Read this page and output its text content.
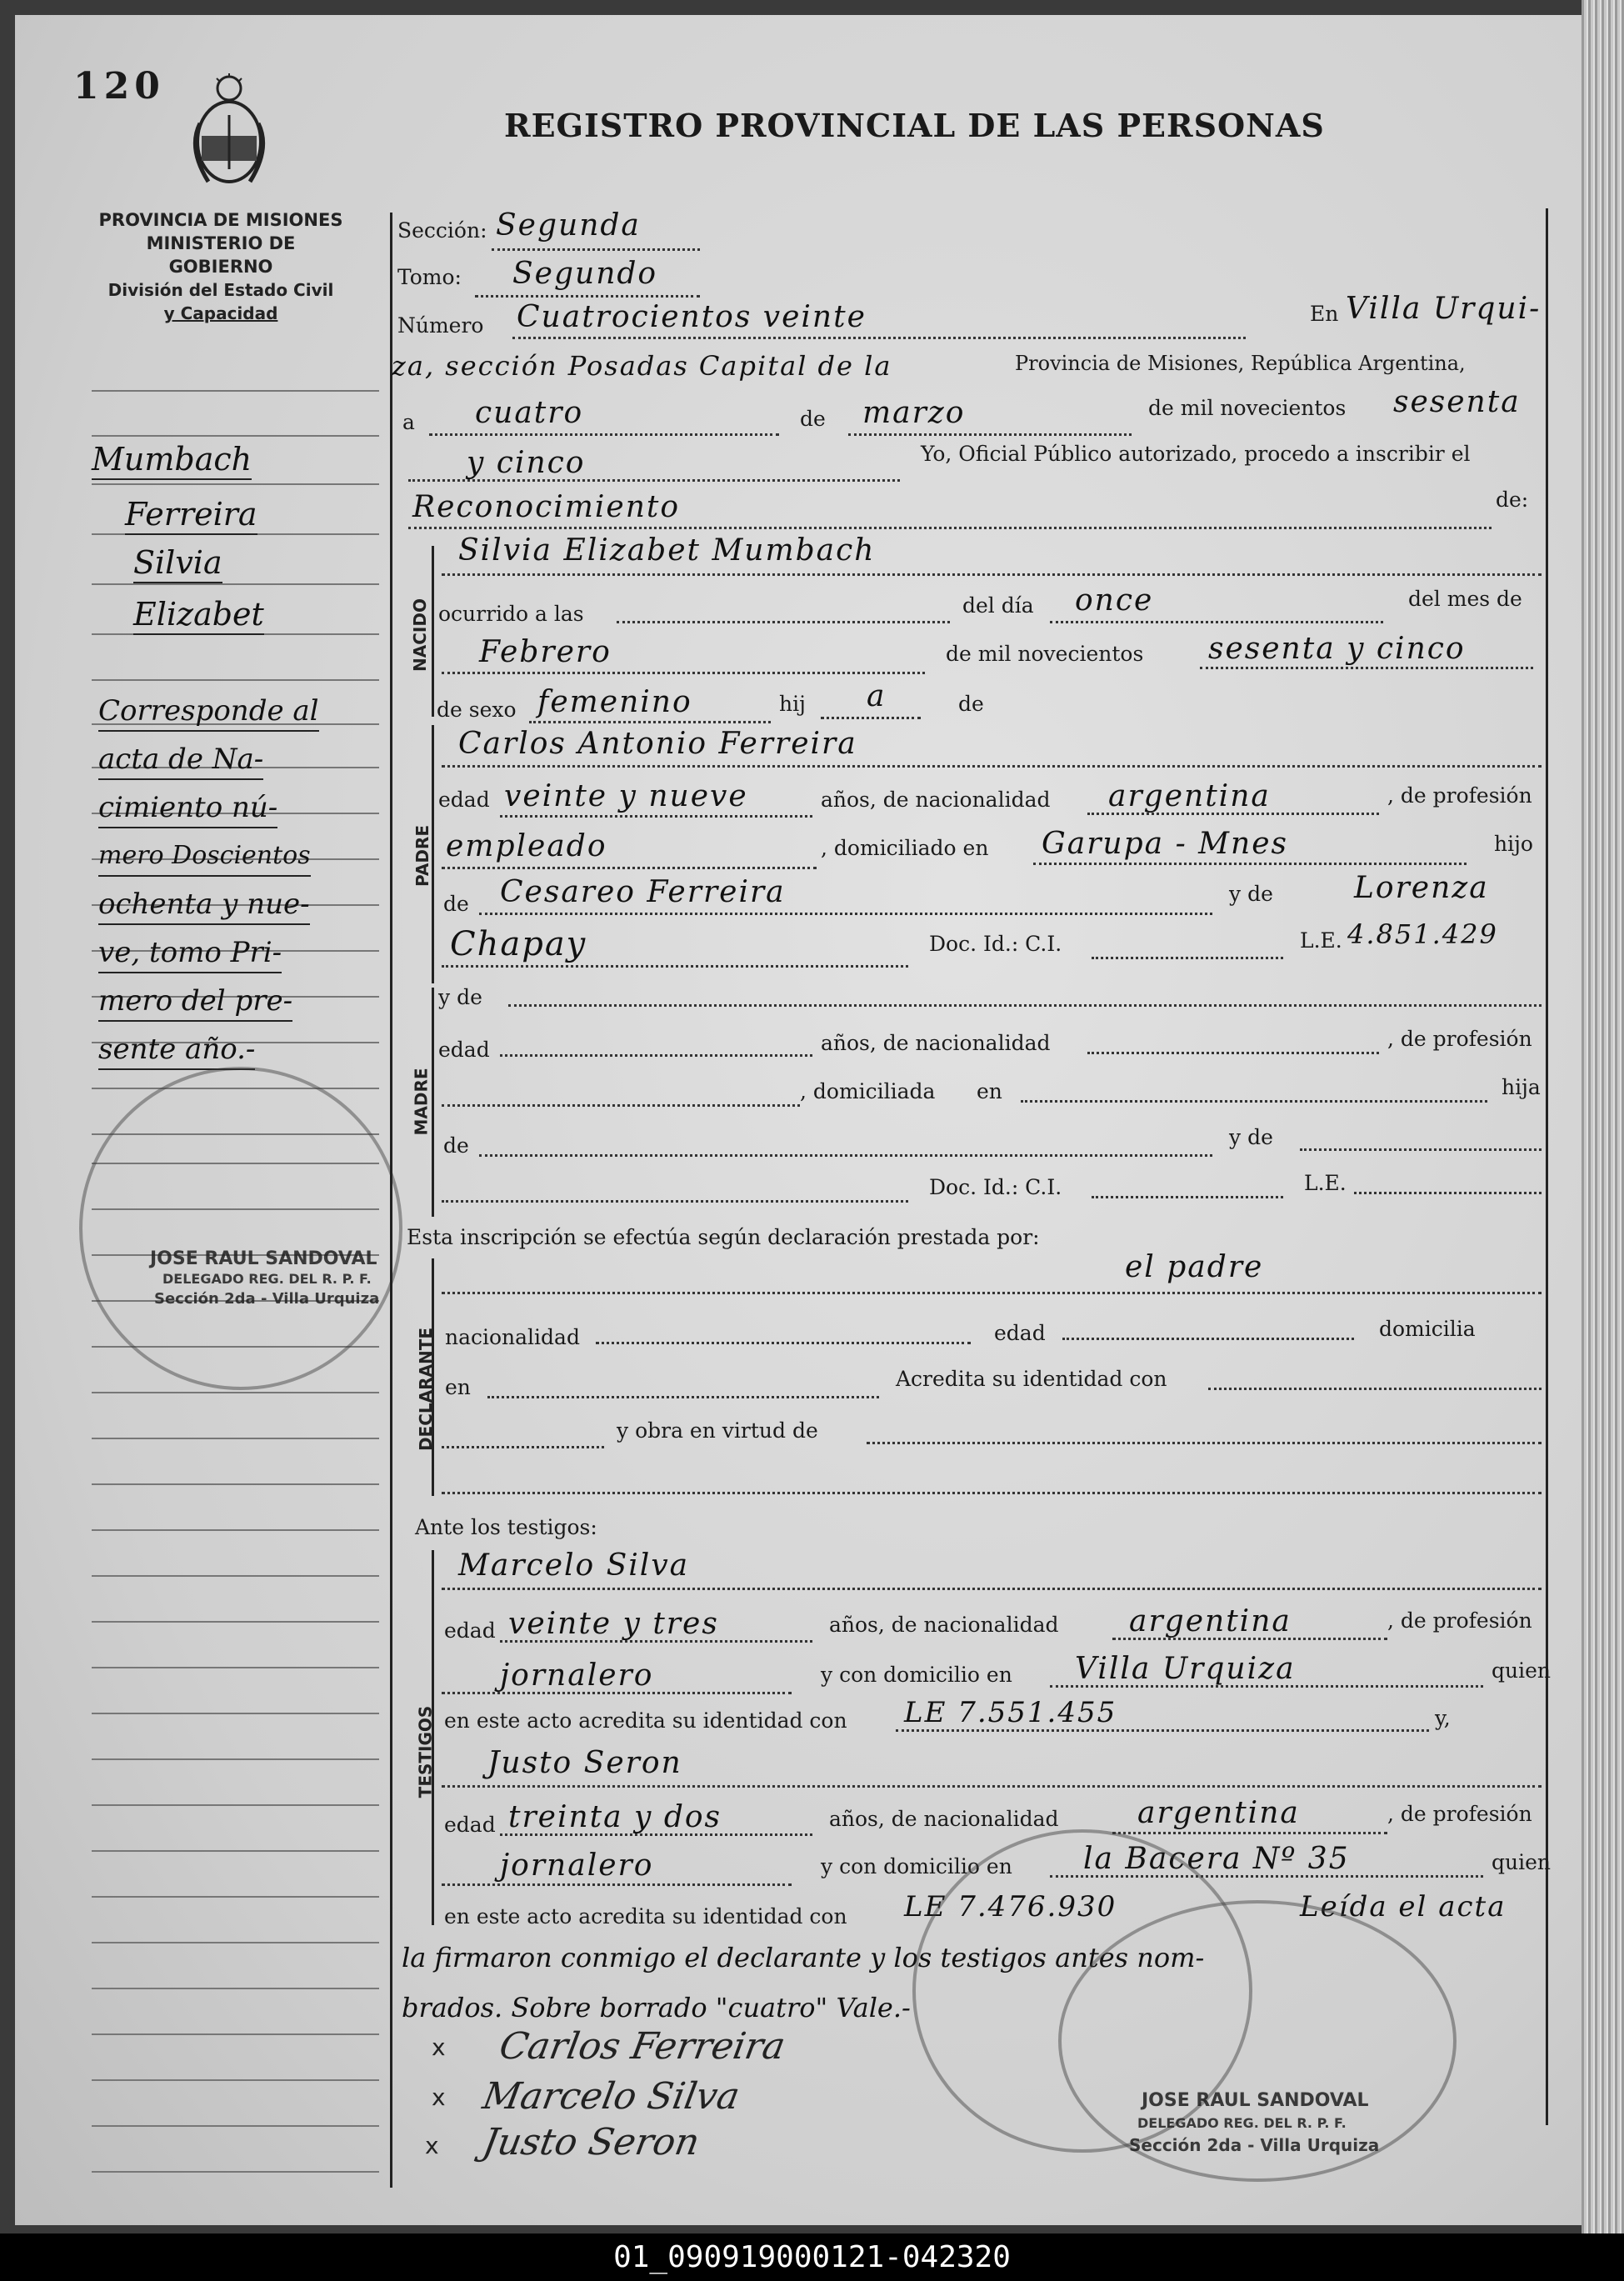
120
REGISTRO PROVINCIAL DE LAS PERSONAS
PROVINCIA DE MISIONES
MINISTERIO DE GOBIERNO
División del Estado Civil
y Capacidad
Mumbach
Ferreira
Silvia
Elizabet
Corresponde al
acta de Na-
cimiento nú-
mero Doscientos
ochenta y nue-
ve, tomo Pri-
mero del pre-
sente año.-
JOSE RAUL SANDOVAL
DELEGADO REG. DEL R. P. F.
Sección 2da - Villa Urquiza
NACIDO
PADRE
MADRE
DECLARANTE
TESTIGOS
Sección: Segunda
Tomo: Segundo
Número Cuatrocientos veinte	En Villa Urqui-
za, sección Posadas Capital de la	Provincia de Misiones, República Argentina,
a cuatro	de marzo	de mil novecientos sesenta
y cinco	Yo, Oficial Público autorizado, procedo a inscribir el
Reconocimiento	de:
Silvia Elizabet Mumbach
ocurrido a las	del día once	del mes de
Febrero	de mil novecientos sesenta y cinco
de sexo femenino	hij a	de
Carlos Antonio Ferreira
edad veinte y nueve	años, de nacionalidad argentina	, de profesión
empleado	, domiciliado en Garupa - Mnes	hijo
de Cesareo Ferreira	y de	Lorenza
Chapay	Doc. Id.: C.I.	L.E. 4.851.429
y de
edad	años, de nacionalidad	, de profesión
, domiciliada en	hija
de	y de
Doc. Id.: C.I.	L.E.
Esta inscripción se efectúa según declaración prestada por:
el padre
nacionalidad	edad	domicilia
en	Acredita su identidad con
y obra en virtud de
Ante los testigos:
Marcelo Silva
edad veinte y tres	años, de nacionalidad argentina	, de profesión
jornalero	y con domicilio en Villa Urquiza	quien
en este acto acredita su identidad con LE 7.551.455	y,
Justo Seron
edad treinta y dos	años, de nacionalidad	argentina	, de profesión
jornalero	y con domicilio en la Bacera Nº 35	quien
en este acto acredita su identidad con LE 7.476.930	Leída el acta
la firmaron conmigo el declarante y los testigos antes nom-
brados. Sobre borrado "cuatro" Vale.-
x Carlos Ferreira
x Marcelo Silva
x Justo Seron
JOSE RAUL SANDOVAL
DELEGADO REG. DEL R. P. F.
Sección 2da - Villa Urquiza
01_090919000121-042320
